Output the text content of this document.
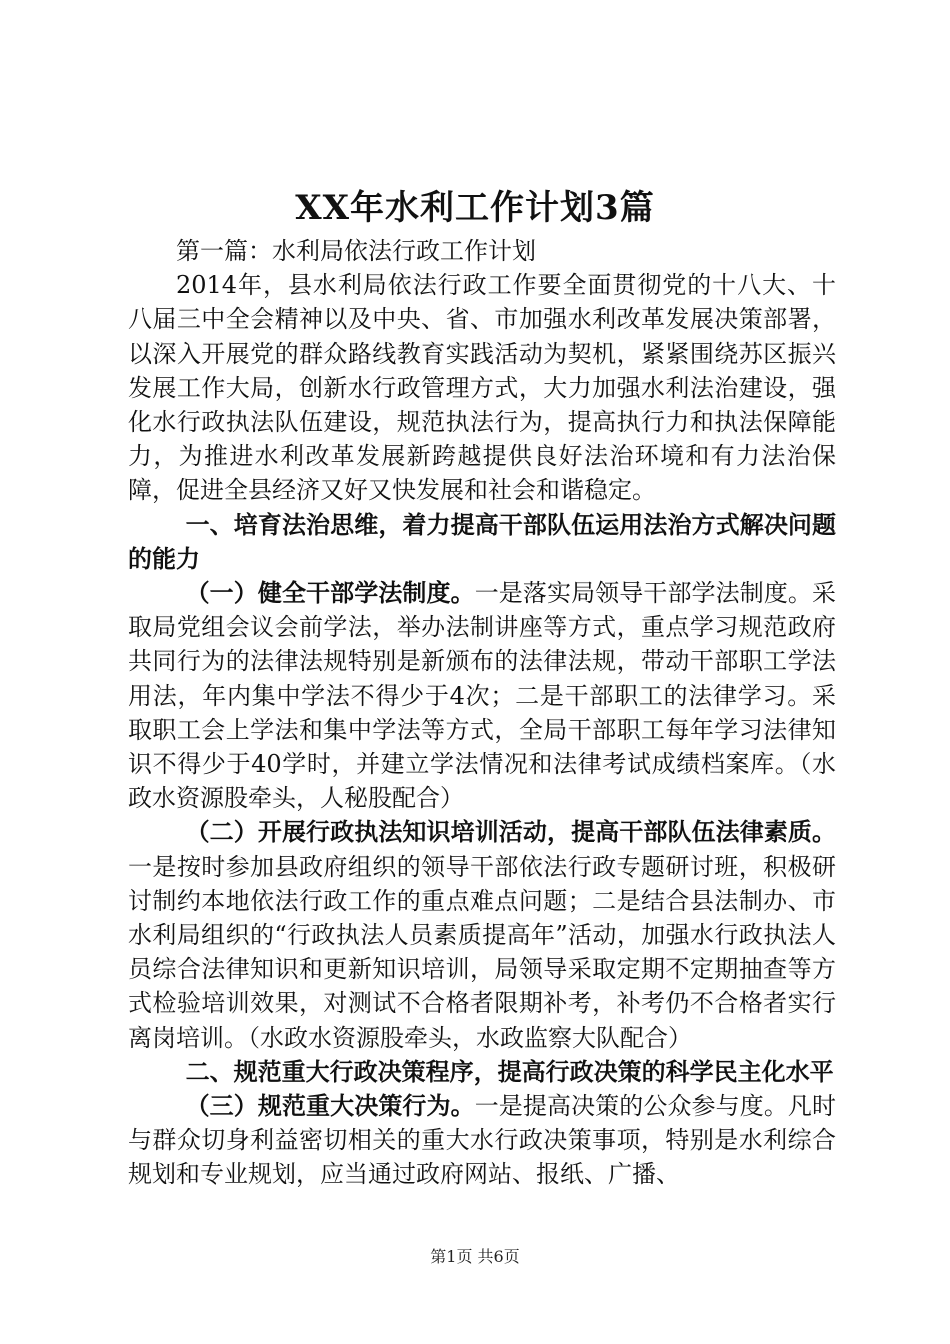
XX年水利工作计划3篇

第一篇：水利局依法行政工作计划

2014年，县水利局依法行政工作要全面贯彻党的十八大、十八届三中全会精神以及中央、省、市加强水利改革发展决策部署，以深入开展党的群众路线教育实践活动为契机，紧紧围绕苏区振兴发展工作大局，创新水行政管理方式，大力加强水利法治建设，强化水行政执法队伍建设，规范执法行为，提高执行力和执法保障能力，为推进水利改革发展新跨越提供良好法治环境和有力法治保障，促进全县经济又好又快发展和社会和谐稳定。

一、培育法治思维，着力提高干部队伍运用法治方式解决问题的能力

（一）健全干部学法制度。一是落实局领导干部学法制度。采取局党组会议会前学法，举办法制讲座等方式，重点学习规范政府共同行为的法律法规特别是新颁布的法律法规，带动干部职工学法用法，年内集中学法不得少于4次；二是干部职工的法律学习。采取职工会上学法和集中学法等方式，全局干部职工每年学习法律知识不得少于40学时，并建立学法情况和法律考试成绩档案库。（水政水资源股牵头，人秘股配合）

（二）开展行政执法知识培训活动，提高干部队伍法律素质。一是按时参加县政府组织的领导干部依法行政专题研讨班，积极研讨制约本地依法行政工作的重点难点问题；二是结合县法制办、市水利局组织的“行政执法人员素质提高年”活动，加强水行政执法人员综合法律知识和更新知识培训，局领导采取定期不定期抽查等方式检验培训效果，对测试不合格者限期补考，补考仍不合格者实行离岗培训。（水政水资源股牵头，水政监察大队配合）

二、规范重大行政决策程序，提高行政决策的科学民主化水平

（三）规范重大决策行为。一是提高决策的公众参与度。凡时与群众切身利益密切相关的重大水行政决策事项，特别是水利综合规划和专业规划，应当通过政府网站、报纸、广播、

第1页 共6页
